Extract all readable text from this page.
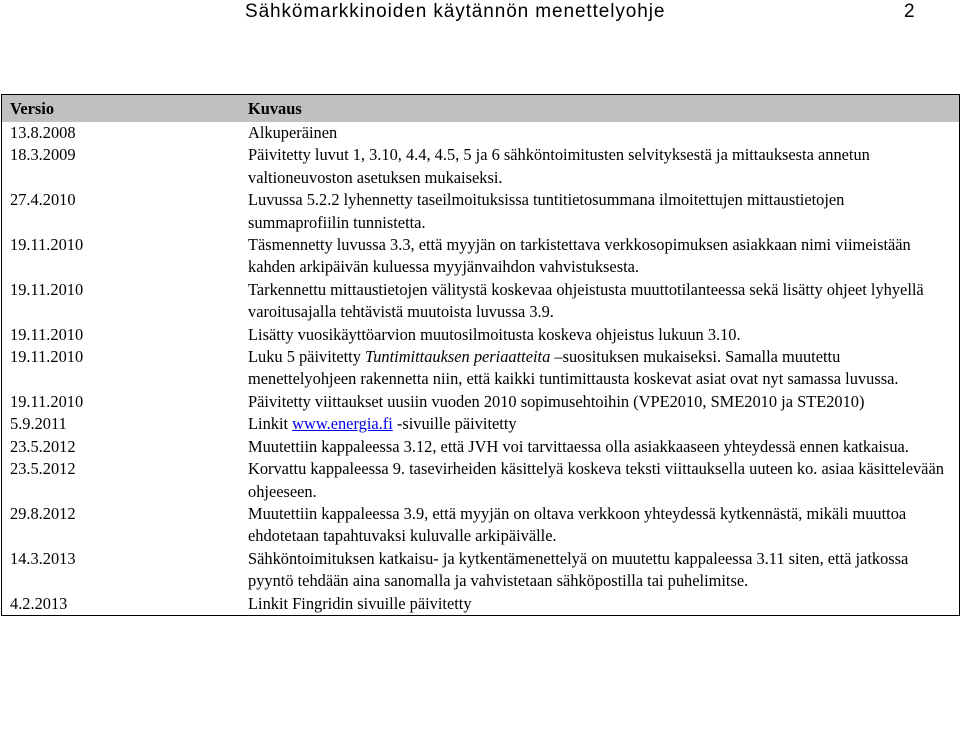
Sähkömarkkinoiden käytännön menettelyohje	2
Versio	Kuvaus
13.8.2008	Alkuperäinen
18.3.2009	Päivitetty luvut 1, 3.10, 4.4, 4.5, 5 ja 6 sähköntoimitusten selvityksestä ja mittauksesta annetun valtioneuvoston asetuksen mukaiseksi.
27.4.2010	Luvussa 5.2.2 lyhennetty taseilmoituksissa tuntitietosummana ilmoitettujen mittaustietojen summaprofiilin tunnistetta.
19.11.2010	Täsmennetty luvussa 3.3, että myyjän on tarkistettava verkkosopimuksen asiakkaan nimi viimeistään kahden arkipäivän kuluessa myyjänvaihdon vahvistuksesta.
19.11.2010	Tarkennettu mittaustietojen välitystä koskevaa ohjeistusta muuttotilanteessa sekä lisätty ohjeet lyhyellä varoitusajalla tehtävistä muutoista luvussa 3.9.
19.11.2010	Lisätty vuosikäyttöarvion muutosilmoitusta koskeva ohjeistus lukuun 3.10.
19.11.2010	Luku 5 päivitetty Tuntimittauksen periaatteita –suosituksen mukaiseksi. Samalla muutettu menettelyohjeen rakennetta niin, että kaikki tuntimittausta koskevat asiat ovat nyt samassa luvussa.
19.11.2010	Päivitetty viittaukset uusiin vuoden 2010 sopimusehtoihin (VPE2010, SME2010 ja STE2010)
5.9.2011	Linkit www.energia.fi -sivuille päivitetty
23.5.2012	Muutettiin kappaleessa 3.12, että JVH voi tarvittaessa olla asiakkaaseen yhteydessä ennen katkaisua.
23.5.2012	Korvattu kappaleessa 9. tasevirheiden käsittelyä koskeva teksti viittauksella uuteen ko. asiaa käsittelevään ohjeeseen.
29.8.2012	Muutettiin kappaleessa 3.9, että myyjän on oltava verkkoon yhteydessä kytkennästä, mikäli muuttoa ehdotetaan tapahtuvaksi kuluvalle arkipäivälle.
14.3.2013	Sähköntoimituksen katkaisu- ja kytkentämenettelyä on muutettu kappaleessa 3.11 siten, että jatkossa pyyntö tehdään aina sanomalla ja vahvistetaan sähköpostilla tai puhelimitse.
4.2.2013	Linkit Fingridin sivuille päivitetty
